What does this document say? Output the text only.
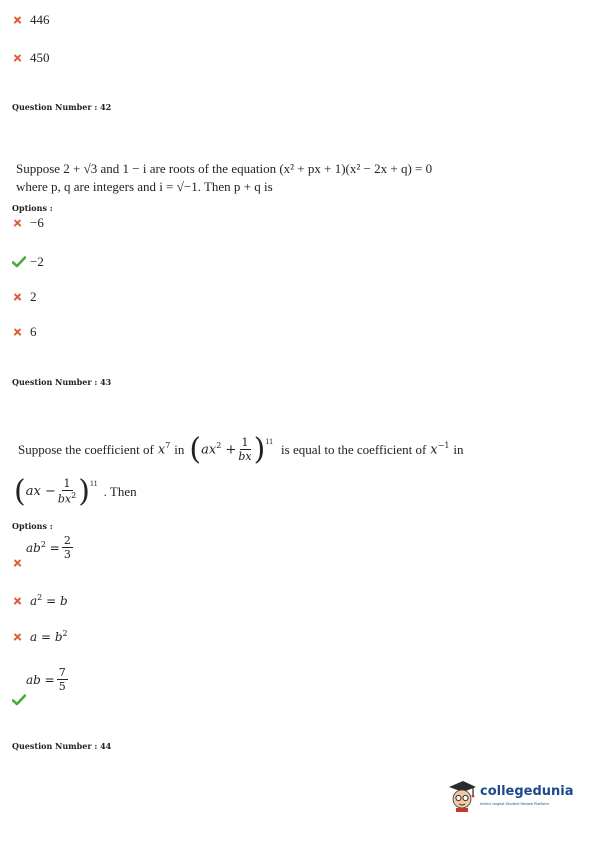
446
450
Question Number : 42
Suppose 2 + √3 and 1 − i are roots of the equation (x² + px + 1)(x² − 2x + q) = 0
where p, q are integers and i = √−1. Then p + q is
Options :
−6
−2
2
6
Question Number : 43
Suppose the coefficient of $x^7$ in ( $ax^2 + \frac{1}{bx} )^{11}$ is equal to the coefficient of $x^{-1}$ in
( ax − $\frac{1}{bx^2} )^{11}$ . Then
Options :
$ab^2 = \frac{2}{3}$
$a^2 = b$
$a = b^2$
ab = $\frac{7}{5}$
Question Number : 44
collegedunia
India's largest Student Review Platform
